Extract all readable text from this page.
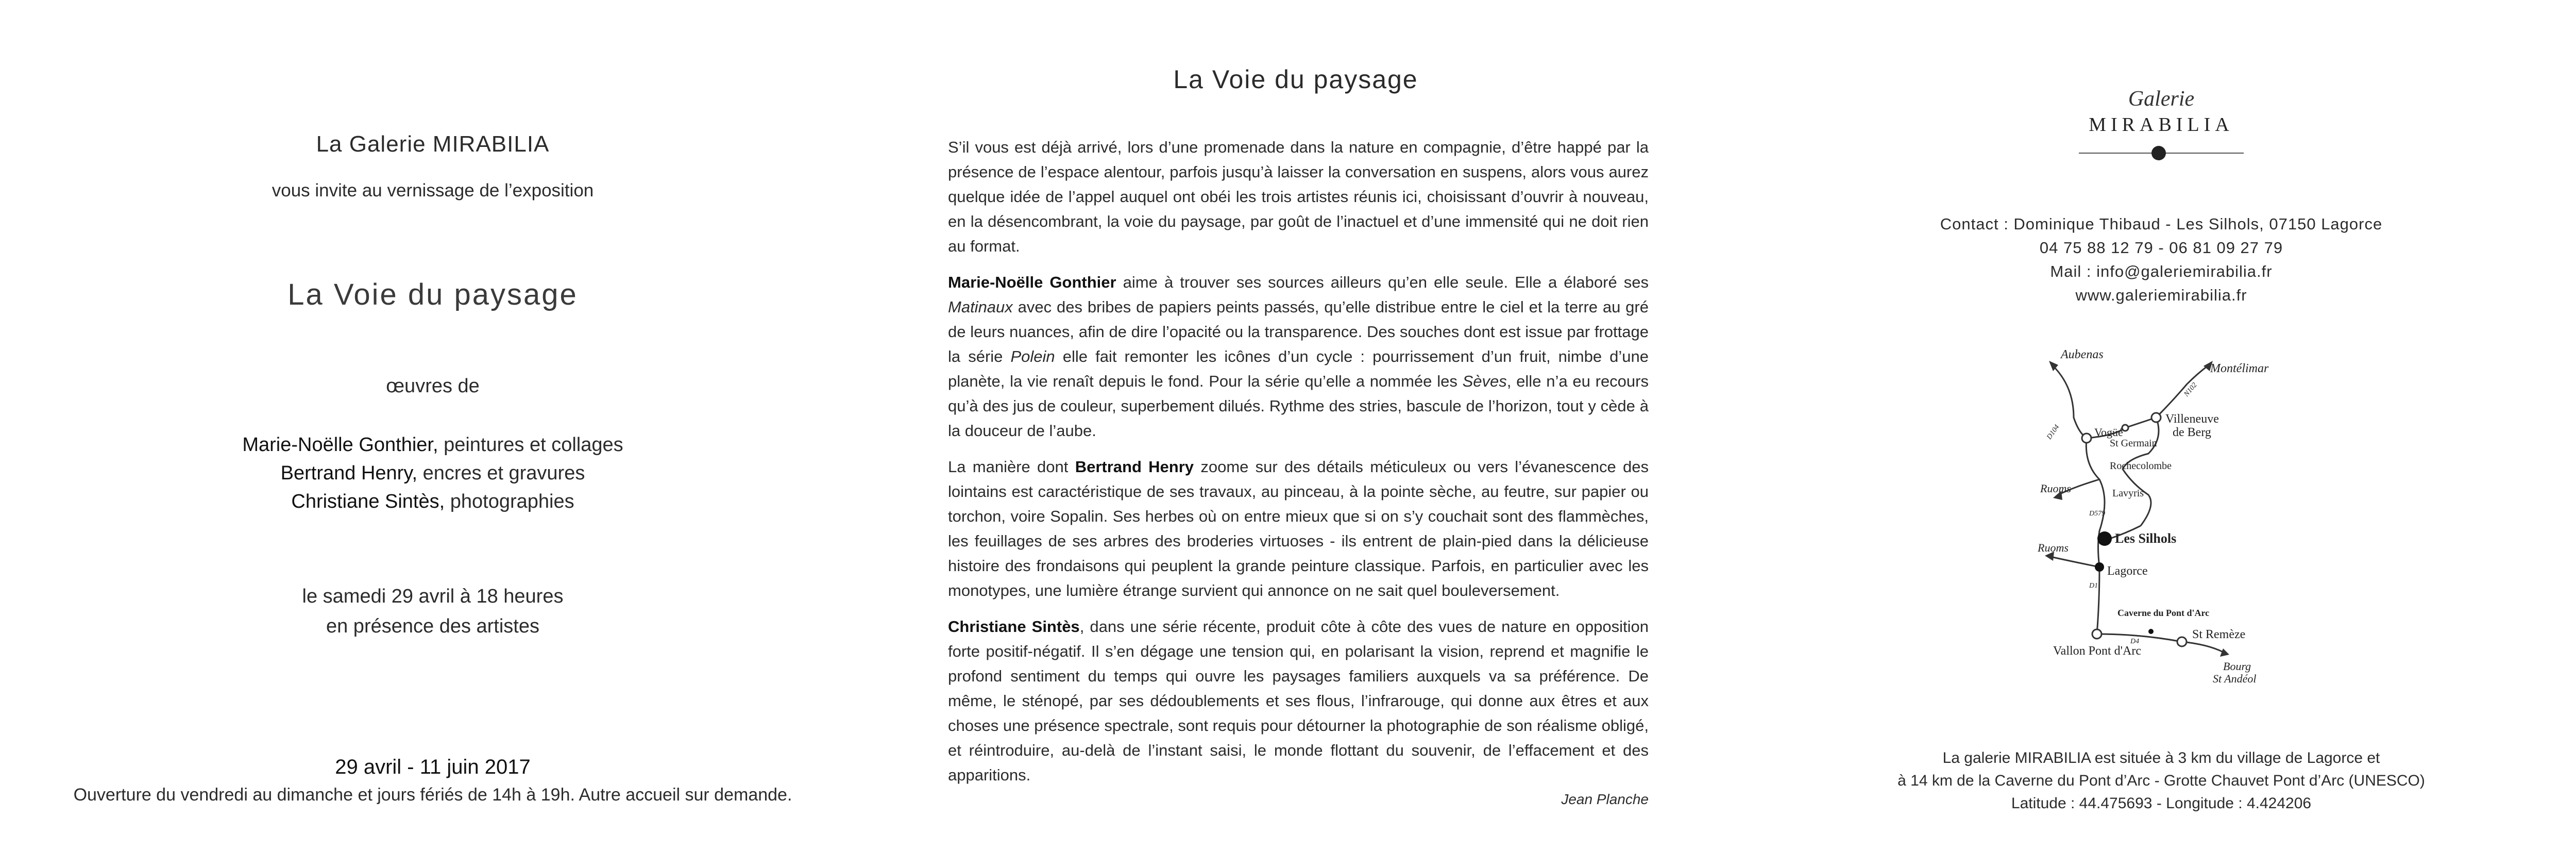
La Galerie MIRABILIA
vous invite au vernissage de l’exposition
La Voie du paysage
œuvres de
Marie-Noëlle Gonthier, peintures et collages
Bertrand Henry, encres et gravures
Christiane Sintès, photographies
le samedi 29 avril à 18 heures
en présence des artistes
29 avril - 11 juin 2017
Ouverture du vendredi au dimanche et jours fériés de 14h à 19h. Autre accueil sur demande.
La Voie du paysage

S’il vous est déjà arrivé, lors d’une promenade dans la nature en compagnie, d’être happé par la présence de l’espace alentour, parfois jusqu’à laisser la conversation en suspens, alors vous aurez quelque idée de l’appel auquel ont obéi les trois artistes réunis ici, choisissant d’ouvrir à nouveau, en la désencombrant, la voie du paysage, par goût de l’inactuel et d’une immensité qui ne doit rien au format.

Marie-Noëlle Gonthier aime à trouver ses sources ailleurs qu’en elle seule. Elle a élaboré ses Matinaux avec des bribes de papiers peints passés, qu’elle distribue entre le ciel et la terre au gré de leurs nuances, afin de dire l’opacité ou la transparence. Des souches dont est issue par frottage la série Polein elle fait remonter les icônes d’un cycle : pourrissement d’un fruit, nimbe d’une planète, la vie renaît depuis le fond. Pour la série qu’elle a nommée les Sèves, elle n’a eu recours qu’à des jus de couleur, superbement dilués. Rythme des stries, bascule de l’horizon, tout y cède à la douceur de l’aube.

La manière dont Bertrand Henry zoome sur des détails méticuleux ou vers l’évanescence des lointains est caractéristique de ses travaux, au pinceau, à la pointe sèche, au feutre, sur papier ou torchon, voire Sopalin. Ses herbes où on entre mieux que si on s’y couchait sont des flammèches, les feuillages de ses arbres des broderies virtuoses - ils entrent de plain-pied dans la délicieuse histoire des frondaisons qui peuplent la grande peinture classique. Parfois, en particulier avec les monotypes, une lumière étrange survient qui annonce on ne sait quel bouleversement.

Christiane Sintès, dans une série récente, produit côte à côte des vues de nature en opposition forte positif-négatif. Il s’en dégage une tension qui, en polarisant la vision, reprend et magnifie le profond sentiment du temps qui ouvre les paysages familiers auxquels va sa préférence. De même, le sténopé, par ses dédoublements et ses flous, l’infrarouge, qui donne aux êtres et aux choses une présence spectrale, sont requis pour détourner la photographie de son réalisme obligé, et réintroduire, au-delà de l’instant saisi, le monde flottant du souvenir, de l’effacement et des apparitions.

Jean Planche
Galerie
MIRABILIA
Contact : Dominique Thibaud - Les Silhols, 07150 Lagorce
04 75 88 12 79 - 06 81 09 27 79
Mail : info@galeriemirabilia.fr
www.galeriemirabilia.fr
Aubenas
Montélimar
Villeneuve
de Berg
Vogüé
St Germain
Rochecolombe
Ruoms	Lavyris
Les Silhols
Ruoms
Lagorce
Caverne du Pont d'Arc
Vallon Pont d'Arc
St Remèze
Bourg
St Andéol
D104
N102
D579
D1
D4
La galerie MIRABILIA est située à 3 km du village de Lagorce et
à 14 km de la Caverne du Pont d’Arc - Grotte Chauvet Pont d’Arc (UNESCO)
Latitude : 44.475693 - Longitude : 4.424206
